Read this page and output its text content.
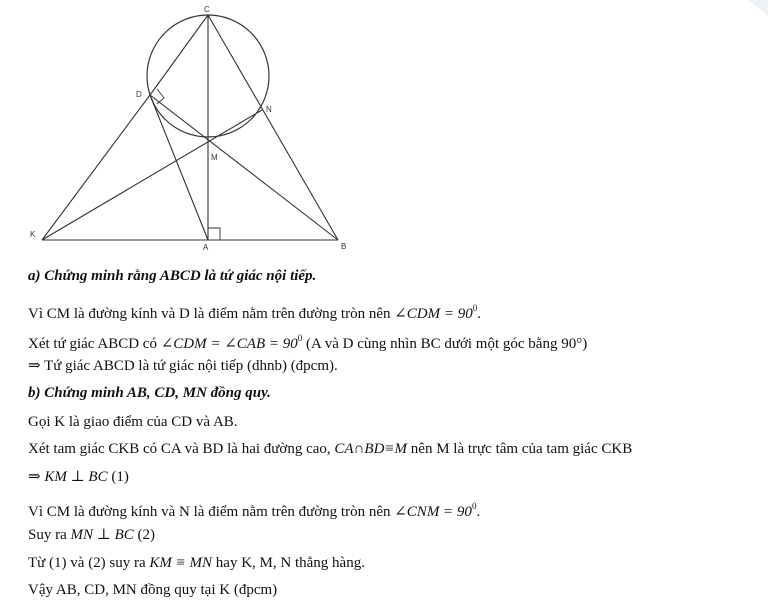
C
D
N
M
K
A	B
a) Chứng minh rằng ABCD là tứ giác nội tiếp.
Vì CM là đường kính và D là điểm nằm trên đường tròn nên ∠CDM = $90^0$.
Xét tứ giác ABCD có ∠CDM = ∠CAB = $90^0$ (A và D cùng nhìn BC dưới một góc bằng 90°)
⇒ Tứ giác ABCD là tứ giác nội tiếp (dhnb) (đpcm).
b) Chứng minh AB, CD, MN đồng quy.
Gọi K là giao điểm của CD và AB.
Xét tam giác CKB có CA và BD là hai đường cao, CA∩BD≡M nên M là trực tâm của tam giác CKB
⇒ KM ⊥ BC (1)
Vì CM là đường kính và N là điểm nằm trên đường tròn nên ∠CNM = $90^0$.
Suy ra MN ⊥ BC (2)
Từ (1) và (2) suy ra KM ≡ MN hay K, M, N thẳng hàng.
Vậy AB, CD, MN đồng quy tại K (đpcm)
